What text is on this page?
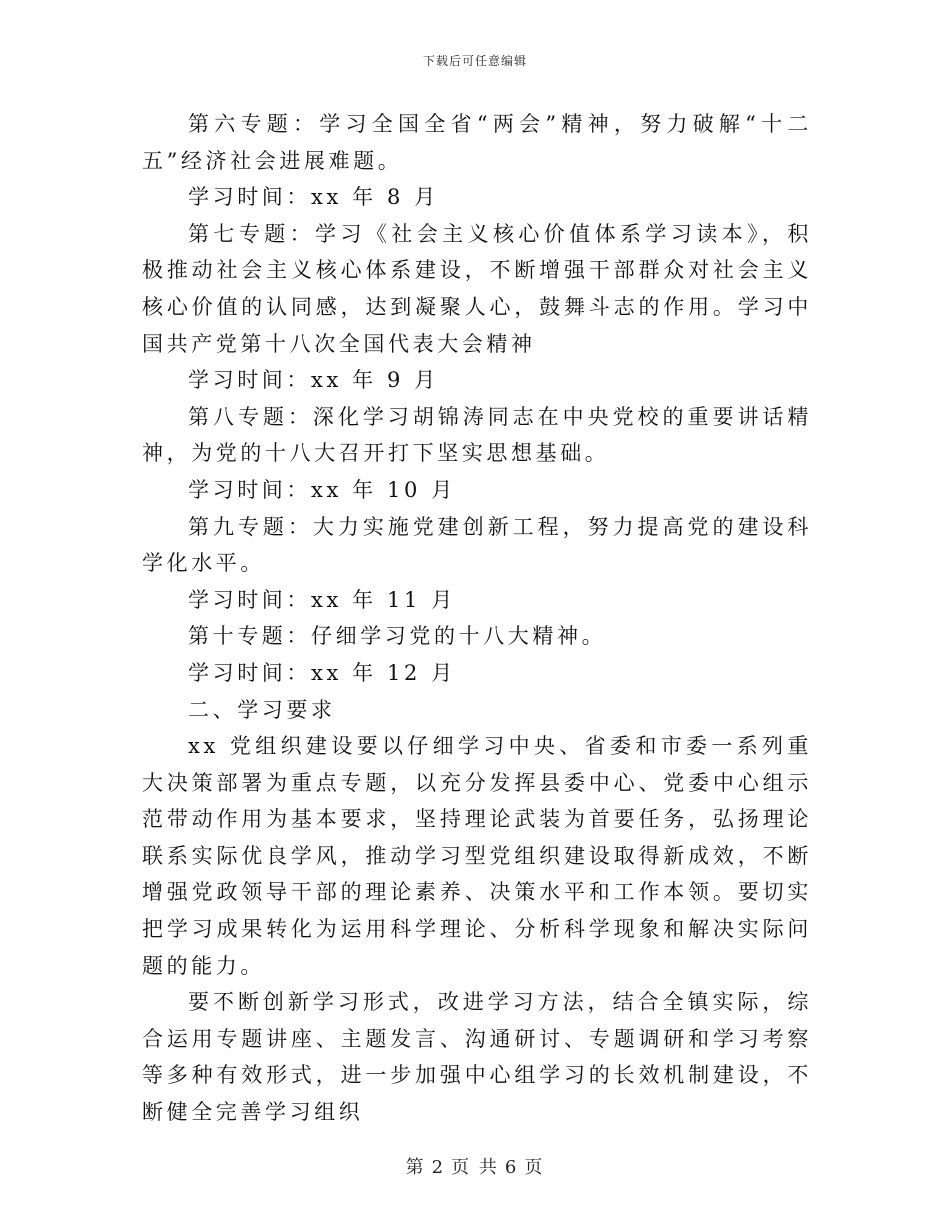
下载后可任意编辑

第六专题：学习全国全省“两会”精神，努力破解“十二五”经济社会进展难题。

学习时间：xx 年 8 月

第七专题：学习《社会主义核心价值体系学习读本》，积极推动社会主义核心体系建设，不断增强干部群众对社会主义核心价值的认同感，达到凝聚人心，鼓舞斗志的作用。学习中国共产党第十八次全国代表大会精神

学习时间：xx 年 9 月

第八专题：深化学习胡锦涛同志在中央党校的重要讲话精神，为党的十八大召开打下坚实思想基础。

学习时间：xx 年 10 月

第九专题：大力实施党建创新工程，努力提高党的建设科学化水平。

学习时间：xx 年 11 月

第十专题：仔细学习党的十八大精神。

学习时间：xx 年 12 月

二、学习要求

xx 党组织建设要以仔细学习中央、省委和市委一系列重大决策部署为重点专题，以充分发挥县委中心、党委中心组示范带动作用为基本要求，坚持理论武装为首要任务，弘扬理论联系实际优良学风，推动学习型党组织建设取得新成效，不断增强党政领导干部的理论素养、决策水平和工作本领。要切实把学习成果转化为运用科学理论、分析科学现象和解决实际问题的能力。

要不断创新学习形式，改进学习方法，结合全镇实际，综合运用专题讲座、主题发言、沟通研讨、专题调研和学习考察等多种有效形式，进一步加强中心组学习的长效机制建设，不断健全完善学习组织

第 2 页 共 6 页
